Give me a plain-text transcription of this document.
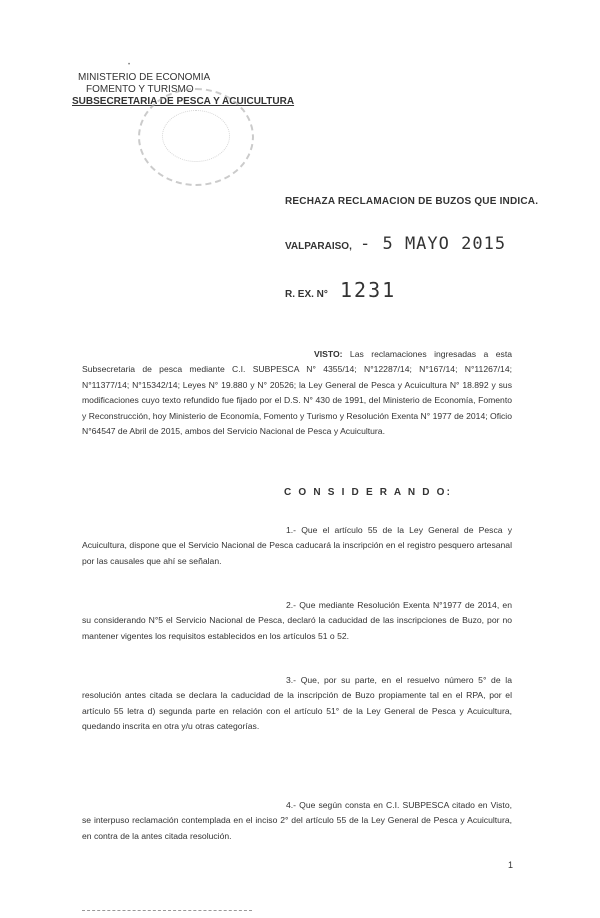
•
MINISTERIO DE ECONOMIA
FOMENTO Y TURISMO
SUBSECRETARIA DE PESCA Y ACUICULTURA
RECHAZA RECLAMACION DE BUZOS QUE INDICA.
VALPARAISO, - 5 MAYO 2015
R. EX. N° 1231
VISTO: Las reclamaciones ingresadas a esta Subsecretaria de pesca mediante C.I. SUBPESCA N° 4355/14; N°12287/14; N°167/14; N°11267/14; N°11377/14; N°15342/14; Leyes N° 19.880 y N° 20526; la Ley General de Pesca y Acuicultura N° 18.892 y sus modificaciones cuyo texto refundido fue fijado por el D.S. N° 430 de 1991, del Ministerio de Economía, Fomento y Reconstrucción, hoy Ministerio de Economía, Fomento y Turismo y Resolución Exenta N° 1977 de 2014; Oficio N°64547 de Abril de 2015, ambos del Servicio Nacional de Pesca y Acuicultura.
C O N S I D E R A N D O:
1.- Que el artículo 55 de la Ley General de Pesca y Acuicultura, dispone que el Servicio Nacional de Pesca caducará la inscripción en el registro pesquero artesanal por las causales que ahí se señalan.
2.- Que mediante Resolución Exenta N°1977 de 2014, en su considerando N°5 el Servicio Nacional de Pesca, declaró la caducidad de las inscripciones de Buzo, por no mantener vigentes los requisitos establecidos en los artículos 51 o 52.
3.- Que, por su parte, en el resuelvo número 5° de la resolución antes citada se declara la caducidad de la inscripción de Buzo propiamente tal en el RPA, por el artículo 55 letra d) segunda parte en relación con el artículo 51° de la Ley General de Pesca y Acuicultura, quedando inscrita en otra y/u otras categorías.
4.- Que según consta en C.I. SUBPESCA citado en Visto, se interpuso reclamación contemplada en el inciso 2° del artículo 55 de la Ley General de Pesca y Acuicultura, en contra de la antes citada resolución.
1
